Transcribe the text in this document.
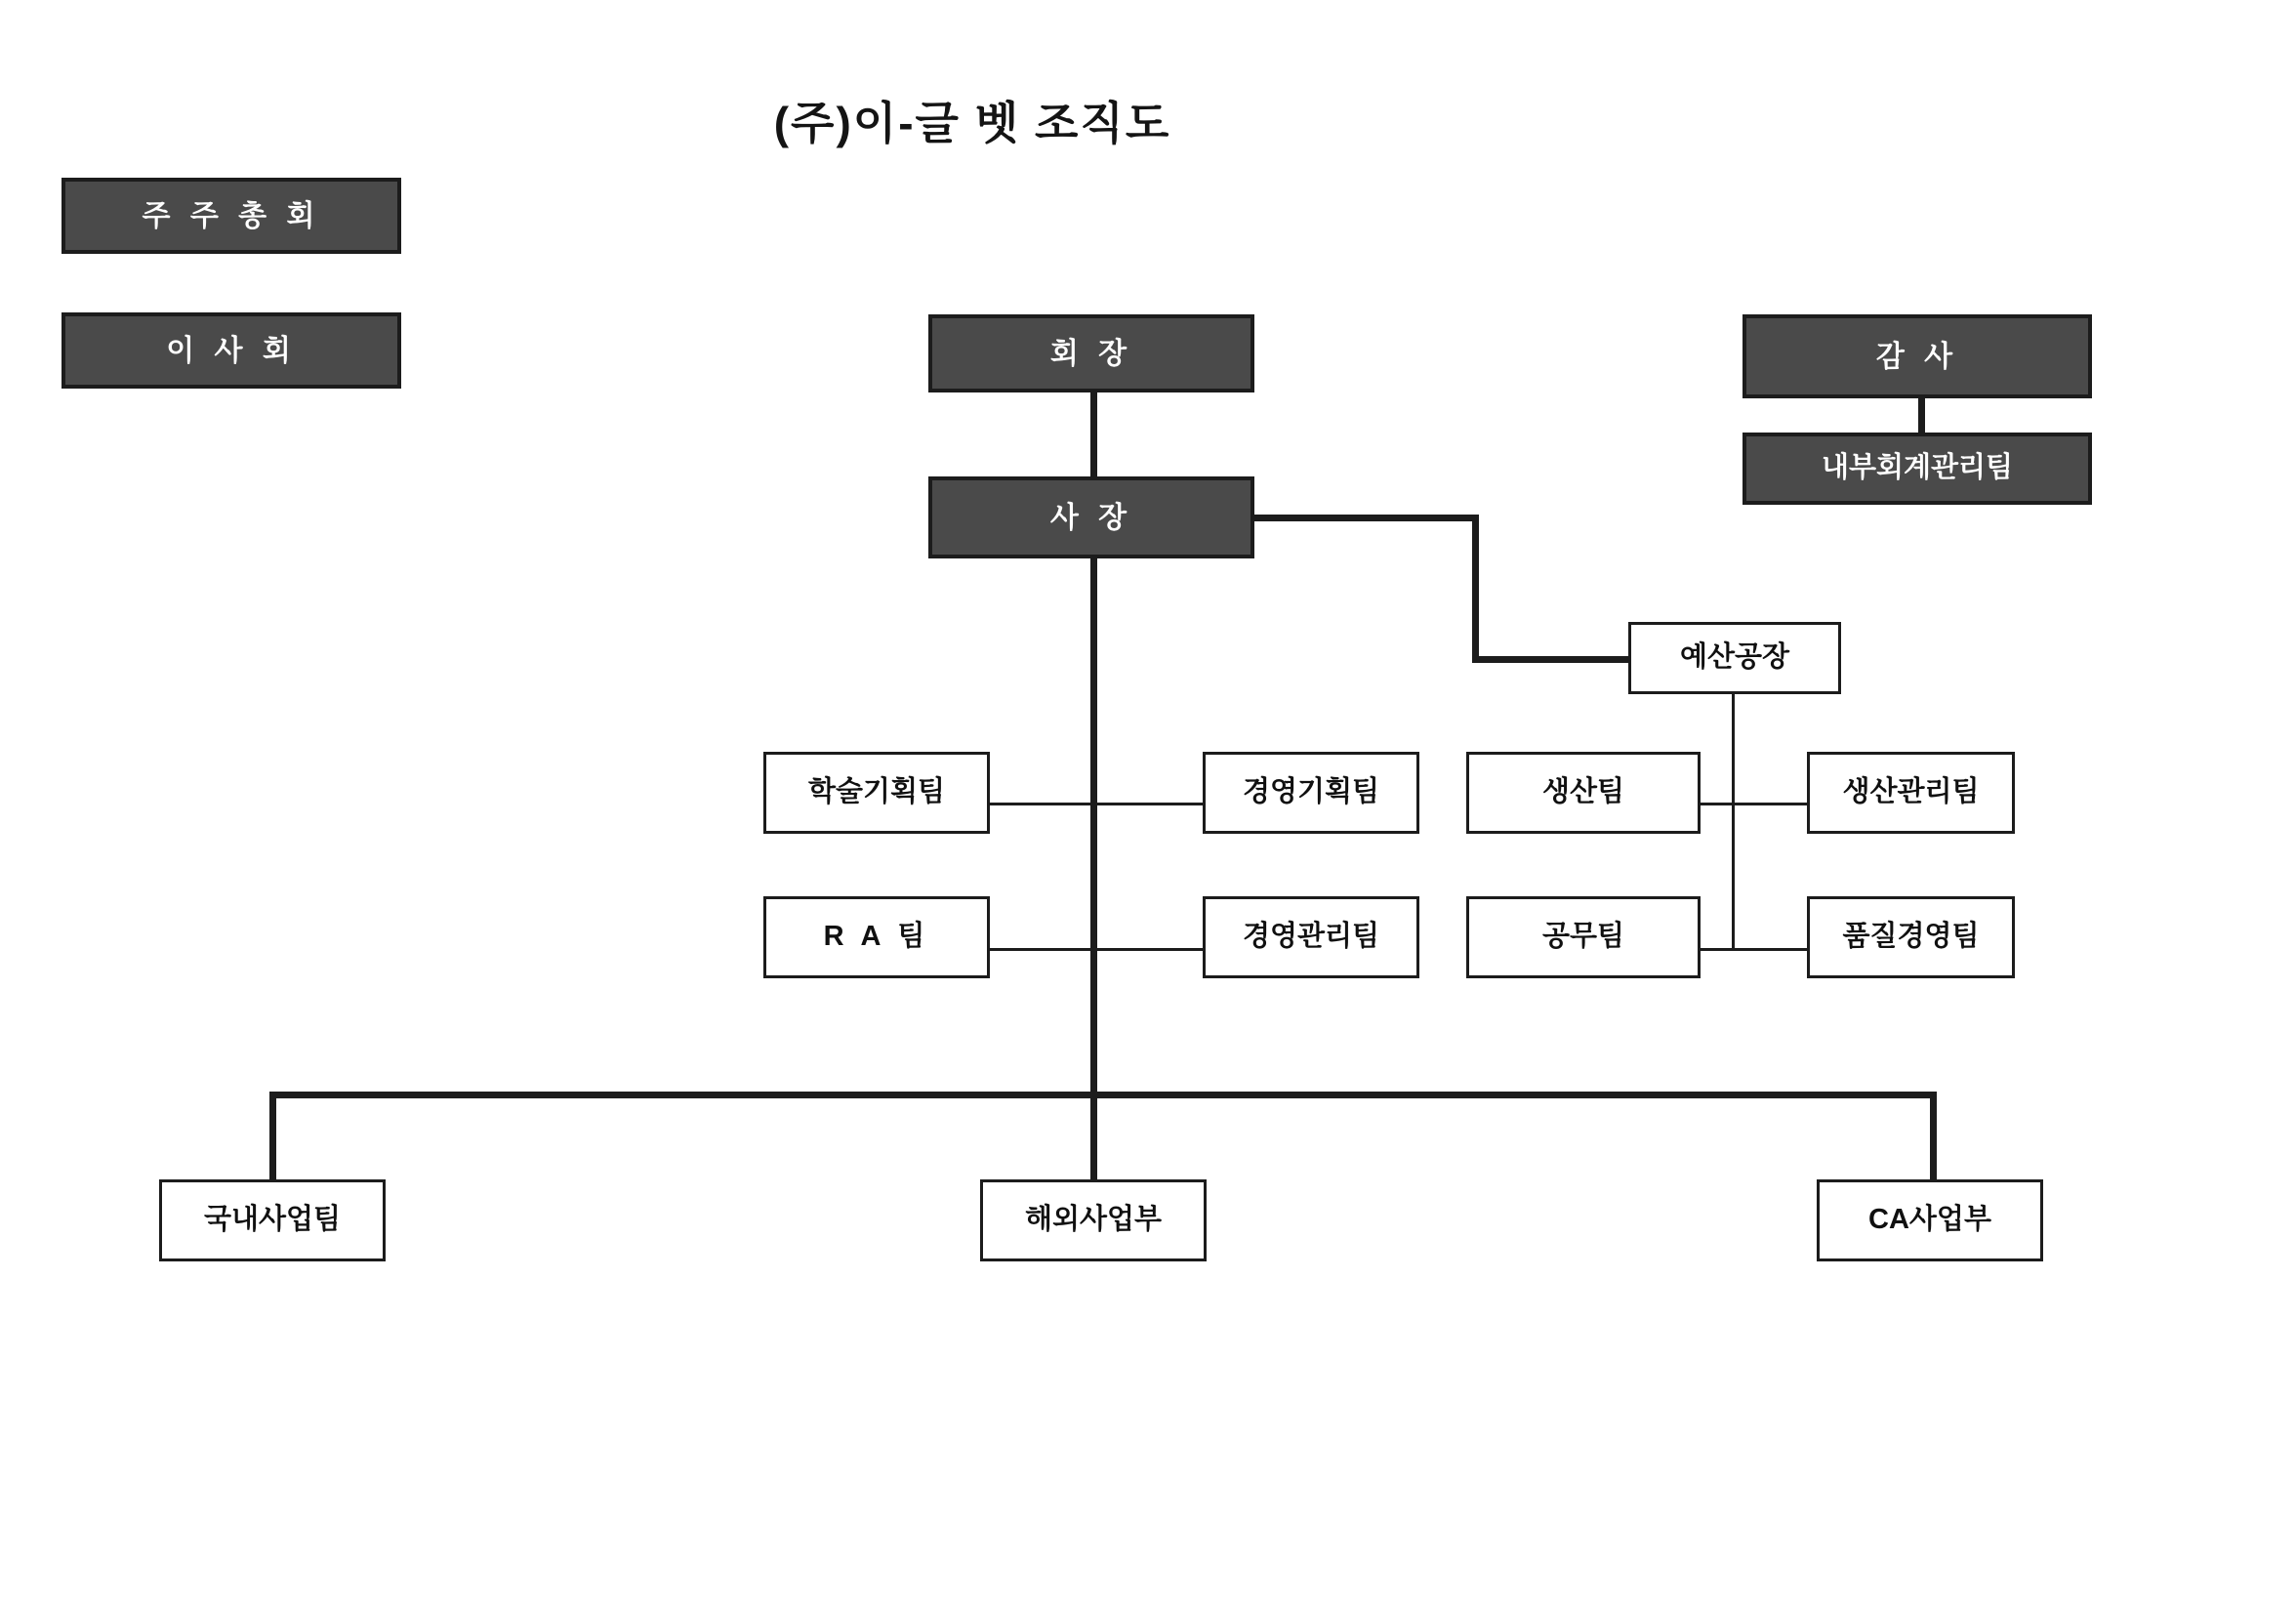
(주)이-글 벳 조직도
주 주 총 회
이 사 회	회 장	감 사
내부회계관리팀
사 장
예산공장
학술기획팀	경영기획팀	생산팀	생산관리팀
R A 팀	경영관리팀	공무팀	품질경영팀
국내사업팀	해외사업부	CA사업부
